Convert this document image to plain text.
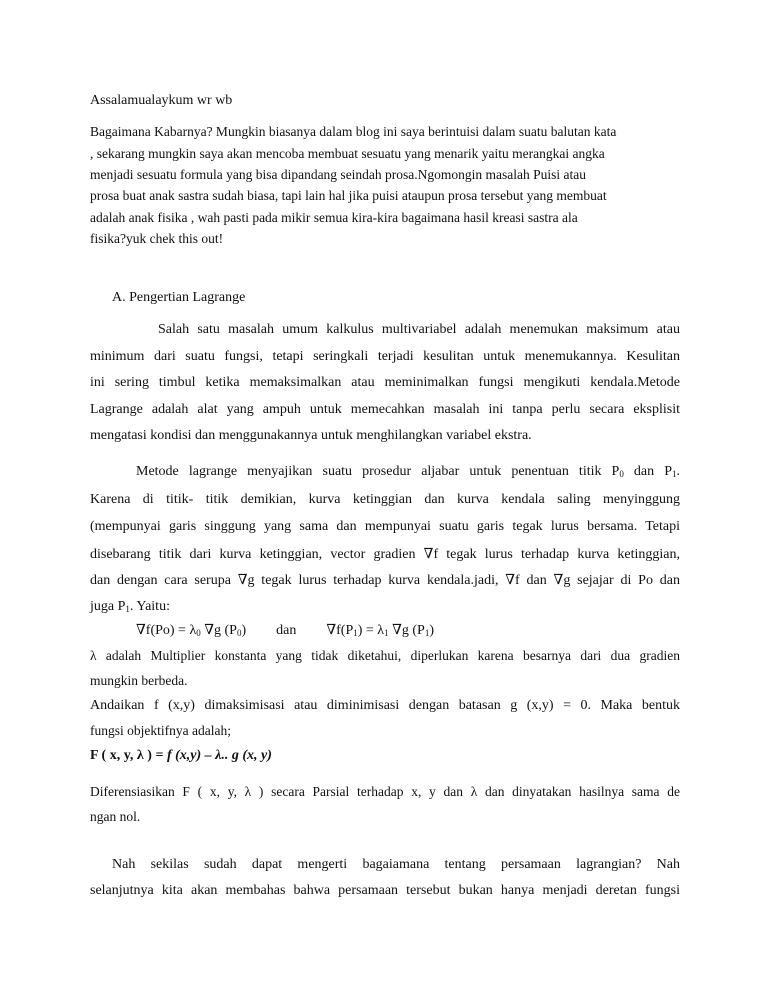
Assalamualaykum wr wb
Bagaimana Kabarnya? Mungkin biasanya dalam blog ini saya berintuisi dalam suatu balutan kata
, sekarang mungkin saya akan mencoba membuat sesuatu yang menarik yaitu merangkai angka
menjadi sesuatu formula yang bisa dipandang seindah prosa.Ngomongin masalah Puisi atau
prosa buat anak sastra sudah biasa, tapi lain hal jika puisi ataupun prosa tersebut yang membuat
adalah anak fisika , wah pasti pada mikir semua kira-kira bagaimana hasil kreasi sastra ala
fisika?yuk chek this out!
A. Pengertian Lagrange
Salah satu masalah umum kalkulus multivariabel adalah menemukan maksimum atau
minimum dari suatu fungsi, tetapi seringkali terjadi kesulitan untuk menemukannya. Kesulitan
ini sering timbul ketika memaksimalkan atau meminimalkan fungsi mengikuti kendala.Metode
Lagrange adalah alat yang ampuh untuk memecahkan masalah ini tanpa perlu secara eksplisit
mengatasi kondisi dan menggunakannya untuk menghilangkan variabel ekstra.
Metode lagrange menyajikan suatu prosedur aljabar untuk penentuan titik $P_0$ dan $P_1$.
Karena di titik- titik demikian, kurva ketinggian dan kurva kendala saling menyinggung
(mempunyai garis singgung yang sama dan mempunyai suatu garis tegak lurus bersama. Tetapi
disebarang titik dari kurva ketinggian, vector gradien ∇f tegak lurus terhadap kurva ketinggian,
dan dengan cara serupa ∇g tegak lurus terhadap kurva kendala.jadi, ∇f dan ∇g sejajar di Po dan
juga $P_1$. Yaitu:
$\nabla f(Po) = \lambda_0$ ∇g $(P_0)$ dan $\nabla f(P_1) = \lambda_1$ ∇g $(P_1)$
λ adalah Multiplier konstanta yang tidak diketahui, diperlukan karena besarnya dari dua gradien
mungkin berbeda.
Andaikan f (x,y) dimaksimisasi atau diminimisasi dengan batasan g (x,y) = 0. Maka bentuk
fungsi objektifnya adalah;
F ( x, y, λ ) = f (x,y) – λ.. g (x, y)
Diferensiasikan F ( x, y, λ ) secara Parsial terhadap x, y dan λ dan dinyatakan hasilnya sama de
ngan nol.
Nah sekilas sudah dapat mengerti bagaiamana tentang persamaan lagrangian? Nah
selanjutnya kita akan membahas bahwa persamaan tersebut bukan hanya menjadi deretan fungsi
